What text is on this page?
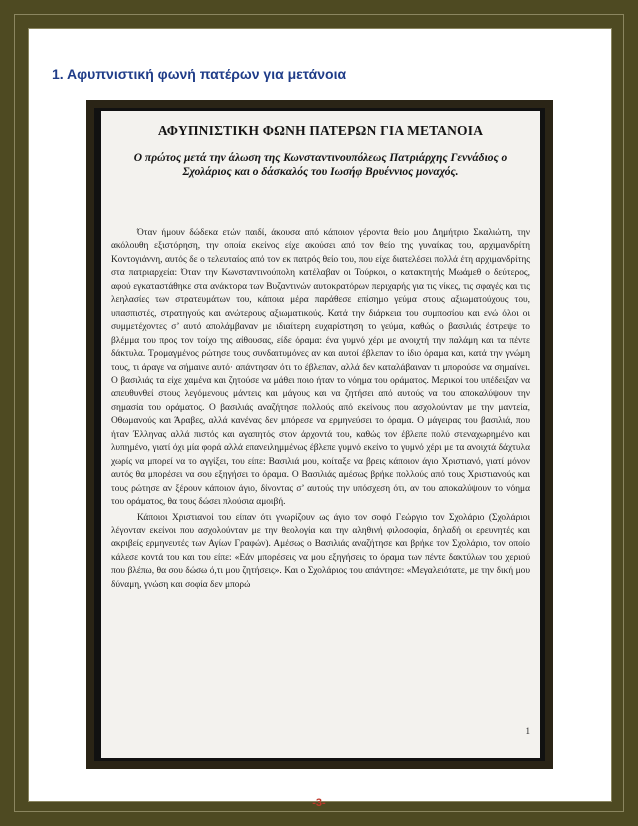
1. Αφυπνιστική φωνή πατέρων για μετάνοια
ΑΦΥΠΝΙΣΤΙΚΗ ΦΩΝΗ ΠΑΤΕΡΩΝ ΓΙΑ ΜΕΤΑΝΟΙΑ
Ο πρώτος μετά την άλωση της Κωνσταντινουπόλεως Πατριάρχης Γεννάδιος ο Σχολάριος και ο δάσκαλός του Ιωσήφ Βρυέννιος μοναχός.

Όταν ήμουν δώδεκα ετών παιδί, άκουσα από κάποιον γέροντα θείο μου Δημήτριο Σκαλιώτη, την ακόλουθη εξιστόρηση, την οποία εκείνος είχε ακούσει από τον θείο της γυναίκας του, αρχιμανδρίτη Κοντογιάννη, αυτός δε ο τελευταίος από τον εκ πατρός θείο του, που είχε διατελέσει πολλά έτη αρχιμανδρίτης στα πατριαρχεία: Όταν την Κωνσταντινούπολη κατέλαβαν οι Τούρκοι, ο κατακτητής Μωάμεθ ο δεύτερος, αφού εγκαταστάθηκε στα ανάκτορα των Βυζαντινών αυτοκρατόρων περιχαρής για τις νίκες, τις σφαγές και τις λεηλασίες των στρατευμάτων του, κάποια μέρα παράθεσε επίσημο γεύμα στους αξιωματούχους του, υπασπιστές, στρατηγούς και ανώτερους αξιωματικούς. Κατά την διάρκεια του συμποσίου και ενώ όλοι οι συμμετέχοντες σ’ αυτό απολάμβαναν με ιδιαίτερη ευχαρίστηση το γεύμα, καθώς ο βασιλιάς έστρεψε το βλέμμα του προς τον τοίχο της αίθουσας, είδε όραμα: ένα γυμνό χέρι με ανοιχτή την παλάμη και τα πέντε δάκτυλα. Τρομαγμένος ρώτησε τους συνδαιτυμόνες αν και αυτοί έβλεπαν το ίδιο όραμα και, κατά την γνώμη τους, τι άραγε να σήμαινε αυτό· απάντησαν ότι το έβλεπαν, αλλά δεν καταλάβαιναν τι μπορούσε να σημαίνει. Ο βασιλιάς τα είχε χαμένα και ζητούσε να μάθει ποιο ήταν το νόημα του οράματος. Μερικοί του υπέδειξαν να απευθυνθεί στους λεγόμενους μάντεις και μάγους και να ζητήσει από αυτούς να του αποκαλύψουν την σημασία του οράματος. Ο βασιλιάς αναζήτησε πολλούς από εκείνους που ασχολούνταν με την μαντεία, Οθωμανούς και Άραβες, αλλά κανένας δεν μπόρεσε να ερμηνεύσει το όραμα. Ο μάγειρας του βασιλιά, που ήταν Έλληνας αλλά πιστός και αγαπητός στον άρχοντά του, καθώς τον έβλεπε πολύ στεναχωρημένο και λυπημένο, γιατί όχι μία φορά αλλά επανειλημμένως έβλεπε γυμνό εκείνο το γυμνό χέρι με τα ανοιχτά δάχτυλα χωρίς να μπορεί να το αγγίξει, του είπε: Βασιλιά μου, κοίταξε να βρεις κάποιον άγιο Χριστιανό, γιατί μόνον αυτός θα μπορέσει να σου εξηγήσει το όραμα. Ο Βασιλιάς αμέσως βρήκε πολλούς από τους Χριστιανούς και τους ρώτησε αν ξέρουν κάποιον άγιο, δίνοντας σ’ αυτούς την υπόσχεση ότι, αν του αποκαλύψουν το νόημα του οράματος, θα τους δώσει πλούσια αμοιβή.

Κάποιοι Χριστιανοί του είπαν ότι γνωρίζουν ως άγιο τον σοφό Γεώργιο τον Σχολάριο (Σχολάριοι λέγονταν εκείνοι που ασχολούνταν με την θεολογία και την αληθινή φιλοσοφία, δηλαδή οι ερευνητές και ακριβείς ερμηνευτές των Αγίων Γραφών). Αμέσως ο Βασιλιάς αναζήτησε και βρήκε τον Σχολάριο, τον οποίο κάλεσε κοντά του και του είπε: «Εάν μπορέσεις να μου εξηγήσεις το όραμα των πέντε δακτύλων του χεριού που βλέπω, θα σου δώσω ό,τι μου ζητήσεις». Και ο Σχολάριος του απάντησε: «Μεγαλειότατε, με την δική μου δύναμη, γνώση και σοφία δεν μπορώ

1

-3-
